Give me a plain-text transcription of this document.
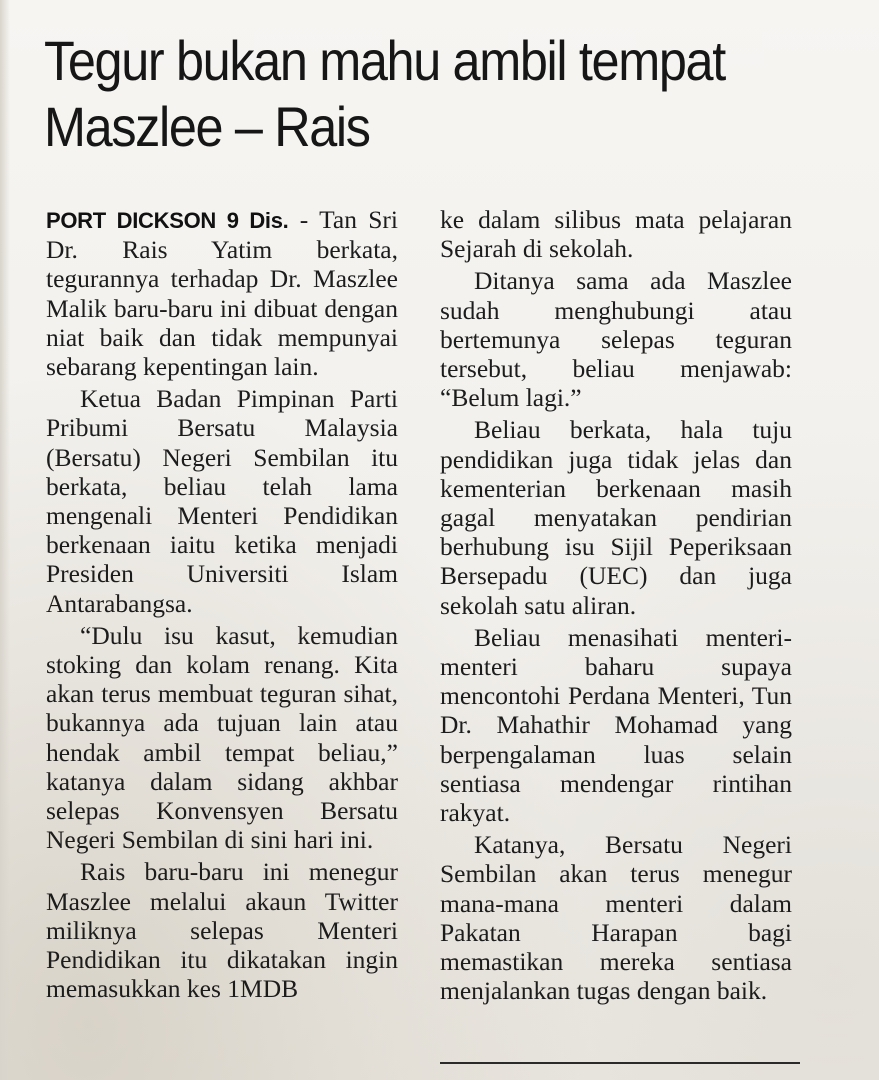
Tegur bukan mahu ambil tempat Maszlee – Rais

PORT DICKSON 9 Dis. - Tan Sri Dr. Rais Yatim berkata, tegurannya terhadap Dr. Maszlee Malik baru-baru ini dibuat dengan niat baik dan tidak mempunyai sebarang kepentingan lain.

Ketua Badan Pimpinan Parti Pribumi Bersatu Malaysia (Bersatu) Negeri Sembilan itu berkata, beliau telah lama mengenali Menteri Pendidikan berkenaan iaitu ketika menjadi Presiden Universiti Islam Antarabangsa.

“Dulu isu kasut, kemudian stoking dan kolam renang. Kita akan terus membuat teguran sihat, bukannya ada tujuan lain atau hendak ambil tempat beliau,” katanya dalam sidang akhbar selepas Konvensyen Bersatu Negeri Sembilan di sini hari ini.

Rais baru-baru ini menegur Maszlee melalui akaun Twitter miliknya selepas Menteri Pendidikan itu dikatakan ingin memasukkan kes 1MDB

ke dalam silibus mata pelajaran Sejarah di sekolah.

Ditanya sama ada Maszlee sudah menghubungi atau bertemunya selepas teguran tersebut, beliau menjawab: “Belum lagi.”

Beliau berkata, hala tuju pendidikan juga tidak jelas dan kementerian berkenaan masih gagal menyatakan pendirian berhubung isu Sijil Peperiksaan Bersepadu (UEC) dan juga sekolah satu aliran.

Beliau menasihati menteri-menteri baharu supaya mencontohi Perdana Menteri, Tun Dr. Mahathir Mohamad yang berpengalaman luas selain sentiasa mendengar rintihan rakyat.

Katanya, Bersatu Negeri Sembilan akan terus menegur mana-mana menteri dalam Pakatan Harapan bagi memastikan mereka sentiasa menjalankan tugas dengan baik.
